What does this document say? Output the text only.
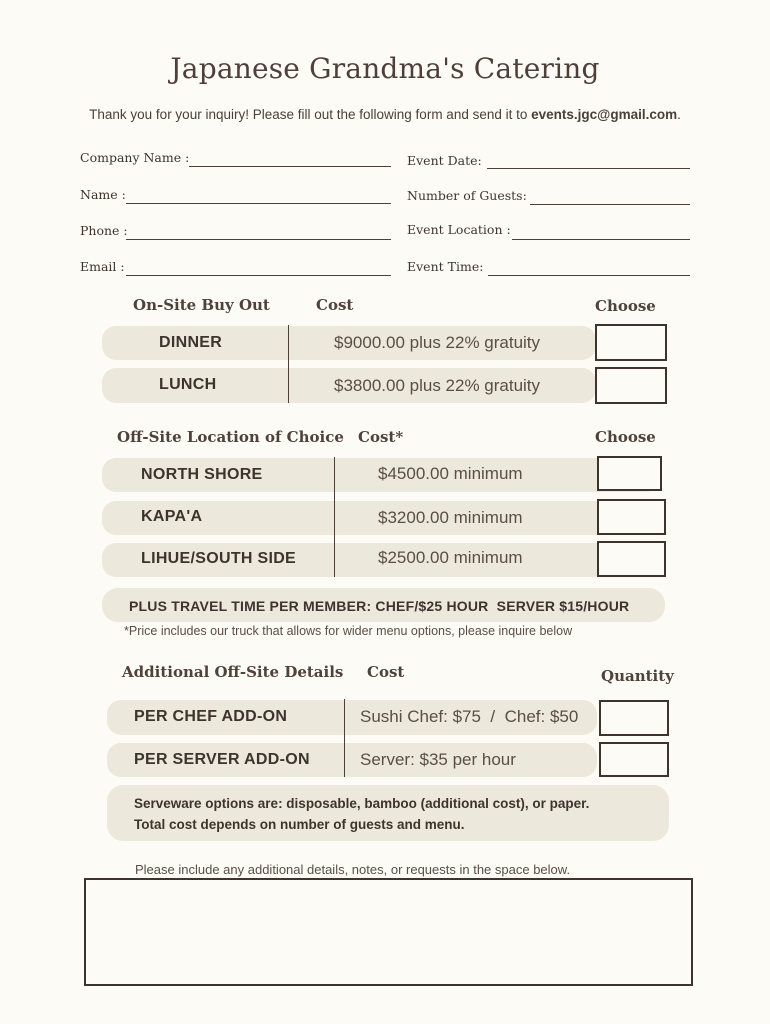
Japanese Grandma's Catering
Thank you for your inquiry! Please fill out the following form and send it to events.jgc@gmail.com.
Company Name :
Name :
Phone :
Email :
Event Date:
Number of Guests:
Event Location :
Event Time:
On-Site Buy Out	Cost	Choose
DINNER	$9000.00 plus 22% gratuity
LUNCH	$3800.00 plus 22% gratuity
Off-Site Location of Choice Cost*	Choose
NORTH SHORE	$4500.00 minimum
KAPA'A	$3200.00 minimum
LIHUE/SOUTH SIDE	$2500.00 minimum
PLUS TRAVEL TIME PER MEMBER: CHEF/$25 HOUR  SERVER $15/HOUR
*Price includes our truck that allows for wider menu options, please inquire below
Additional Off-Site Details Cost	Quantity
PER CHEF ADD-ON	Sushi Chef: $75  /  Chef: $50
PER SERVER ADD-ON	Server: $35 per hour
Serveware options are: disposable, bamboo (additional cost), or paper.
Total cost depends on number of guests and menu.
Please include any additional details, notes, or requests in the space below.
